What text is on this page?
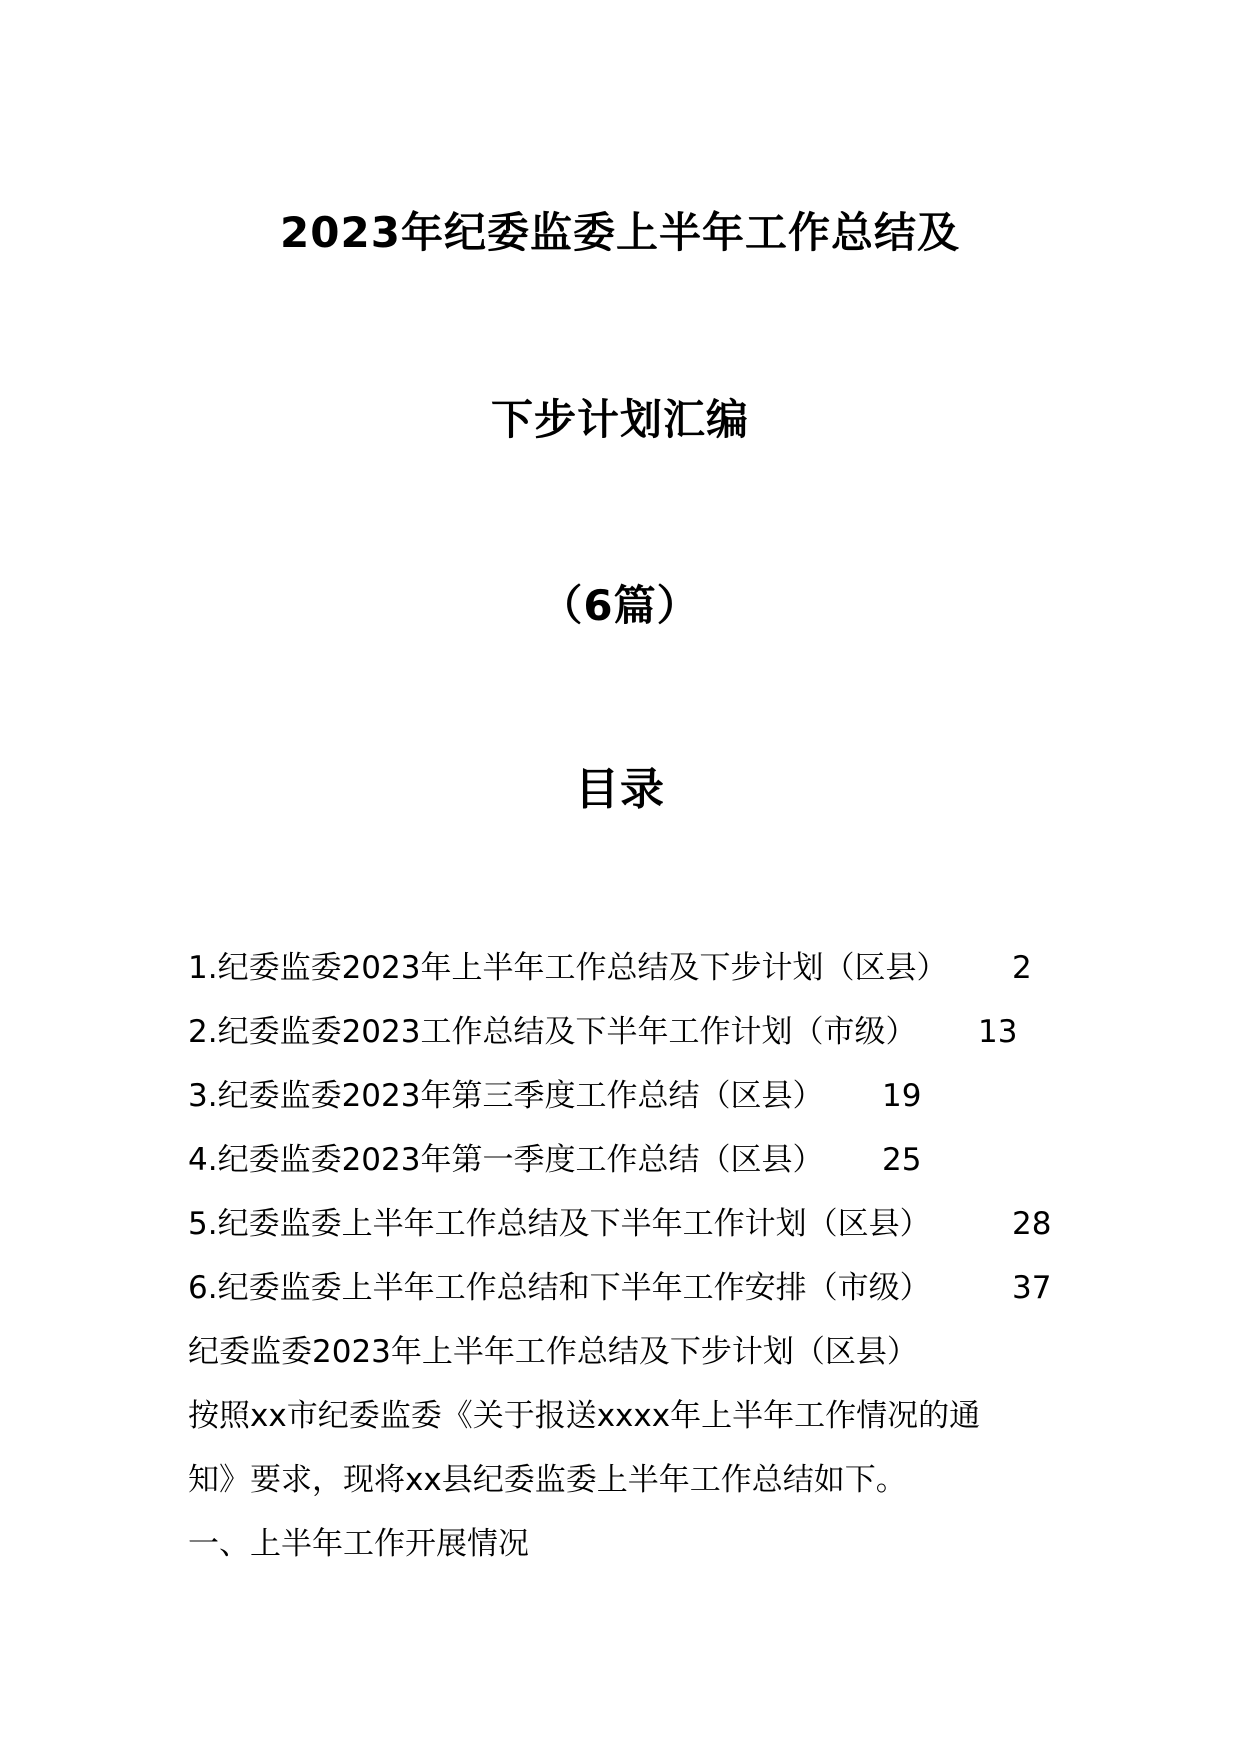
2023年纪委监委上半年工作总结及
下步计划汇编
（6篇）
目录
1.纪委监委2023年上半年工作总结及下步计划（区县） 2
2.纪委监委2023工作总结及下半年工作计划（市级） 13
3.纪委监委2023年第三季度工作总结（区县） 19
4.纪委监委2023年第一季度工作总结（区县） 25
5.纪委监委上半年工作总结及下半年工作计划（区县）	28
6.纪委监委上半年工作总结和下半年工作安排（市级）	37
纪委监委2023年上半年工作总结及下步计划（区县）
按照xx市纪委监委《关于报送xxxx年上半年工作情况的通
知》要求，现将xx县纪委监委上半年工作总结如下。
一、上半年工作开展情况
